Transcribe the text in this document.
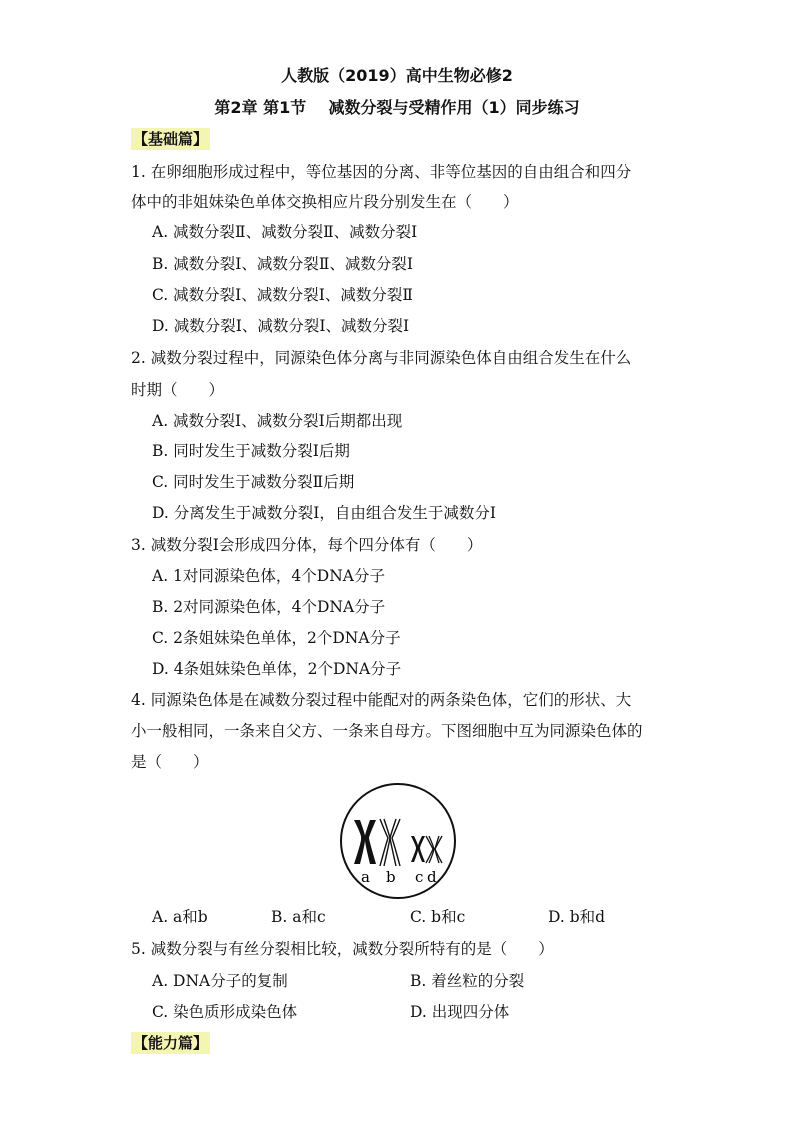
人教版（2019）高中生物必修2
第2章 第1节    减数分裂与受精作用（1）同步练习
【基础篇】
1. 在卵细胞形成过程中，等位基因的分离、非等位基因的自由组合和四分
体中的非姐妹染色单体交换相应片段分别发生在（　　）
A. 减数分裂Ⅱ、减数分裂Ⅱ、减数分裂Ⅰ
B. 减数分裂Ⅰ、减数分裂Ⅱ、减数分裂Ⅰ
C. 减数分裂Ⅰ、减数分裂Ⅰ、减数分裂Ⅱ
D. 减数分裂Ⅰ、减数分裂Ⅰ、减数分裂Ⅰ
2. 减数分裂过程中，同源染色体分离与非同源染色体自由组合发生在什么
时期（　　）
A. 减数分裂Ⅰ、减数分裂Ⅰ后期都出现
B. 同时发生于减数分裂Ⅰ后期
C. 同时发生于减数分裂Ⅱ后期
D. 分离发生于减数分裂Ⅰ，自由组合发生于减数分Ⅰ
3. 减数分裂Ⅰ会形成四分体，每个四分体有（　　）
A. 1对同源染色体，4个DNA分子
B. 2对同源染色体，4个DNA分子
C. 2条姐妹染色单体，2个DNA分子
D. 4条姐妹染色单体，2个DNA分子
4. 同源染色体是在减数分裂过程中能配对的两条染色体，它们的形状、大
小一般相同，一条来自父方、一条来自母方。下图细胞中互为同源染色体的
是（　　）
a b c d
A. a和b	B. a和c	C. b和c	D. b和d
5. 减数分裂与有丝分裂相比较，减数分裂所特有的是（　　）
A. DNA分子的复制	B. 着丝粒的分裂
C. 染色质形成染色体	D. 出现四分体
【能力篇】
